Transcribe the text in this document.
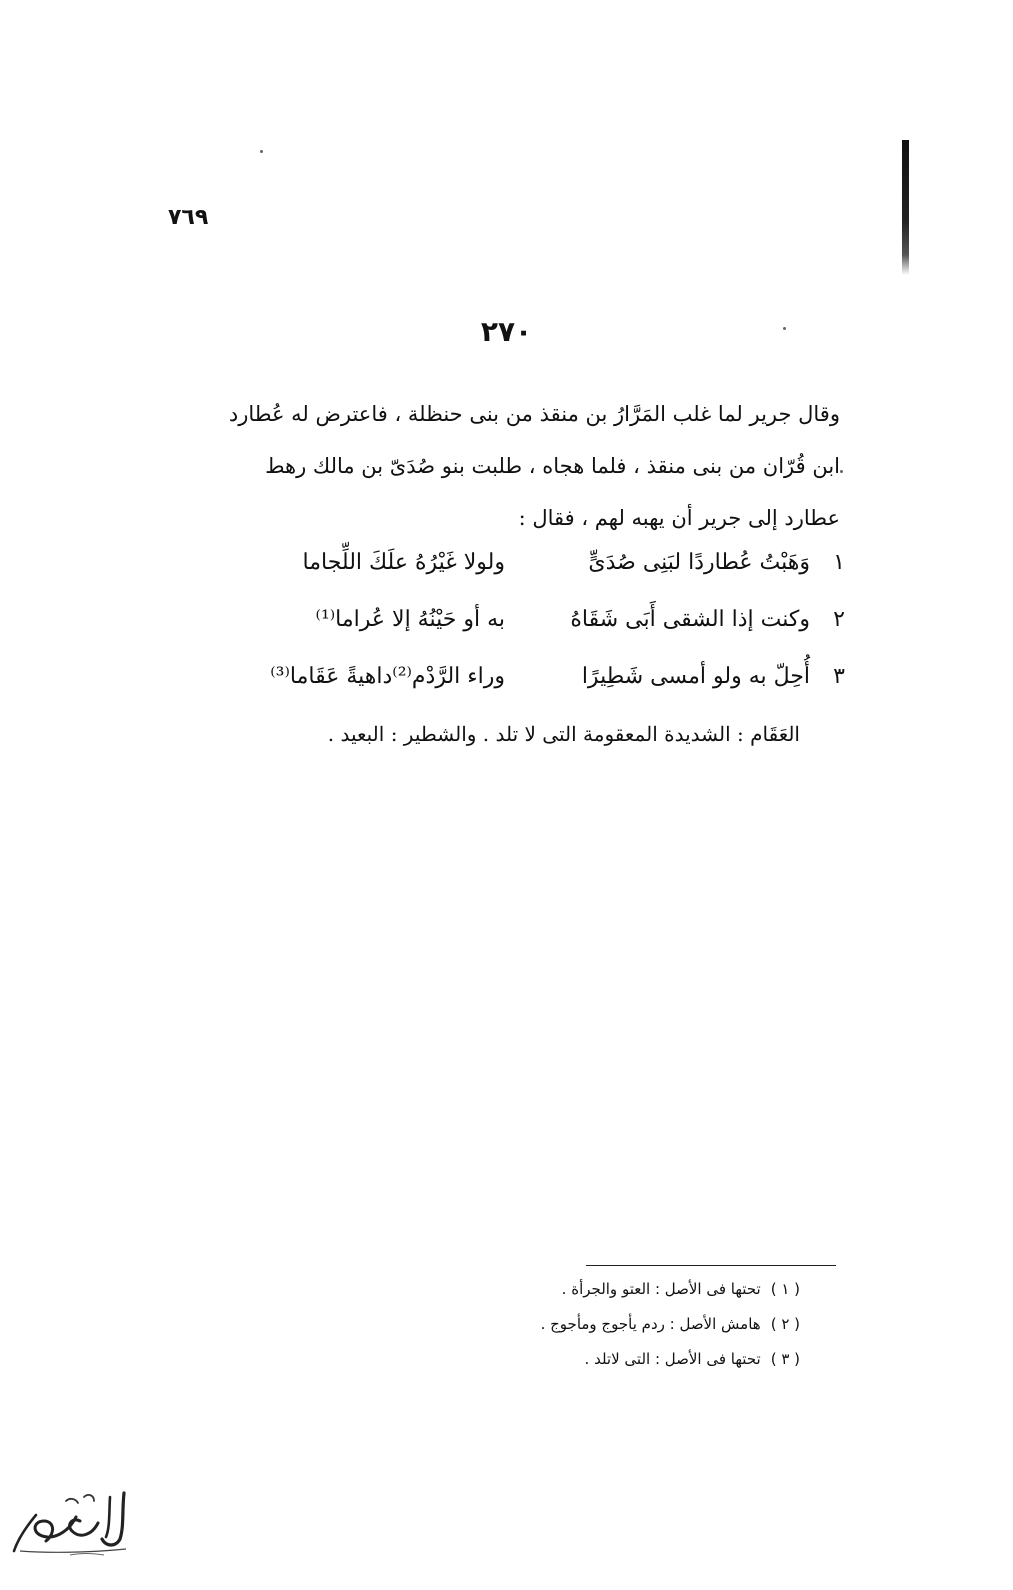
٧٦٩
٢٧٠

وقال جرير لما غلب المَرَّارُ بن منقذ من بنى حنظلة ، فاعترض له عُطارد

ابن قُرّان من بنى منقذ ، فلما هجاه ، طلبت بنو صُدَىّ بن مالك رهط

عطارد إلى جرير أن يهبه لهم ، فقال :

١
وَهَبْتُ عُطاردًا لبَنِى صُدَىٍّ
ولولا غَيْرُهُ علَكَ اللِّجاما
٢
وكنت إذا الشقى أَبَى شَقَاهُ
به أو حَيْنُهُ إلا عُراما⁽¹⁾
٣
أُحِلّ به ولو أمسى شَطِيرًا
وراء الرَّدْم⁽²⁾داهيةً عَقَاما⁽³⁾
العَقَام : الشديدة المعقومة التى لا تلد . والشطير : البعيد .
( ١ )تحتها فى الأصل : العتو والجرأة .
( ٢ )هامش الأصل : ردم يأجوج ومأجوج .
( ٣ )تحتها فى الأصل : التى لاتلد .
